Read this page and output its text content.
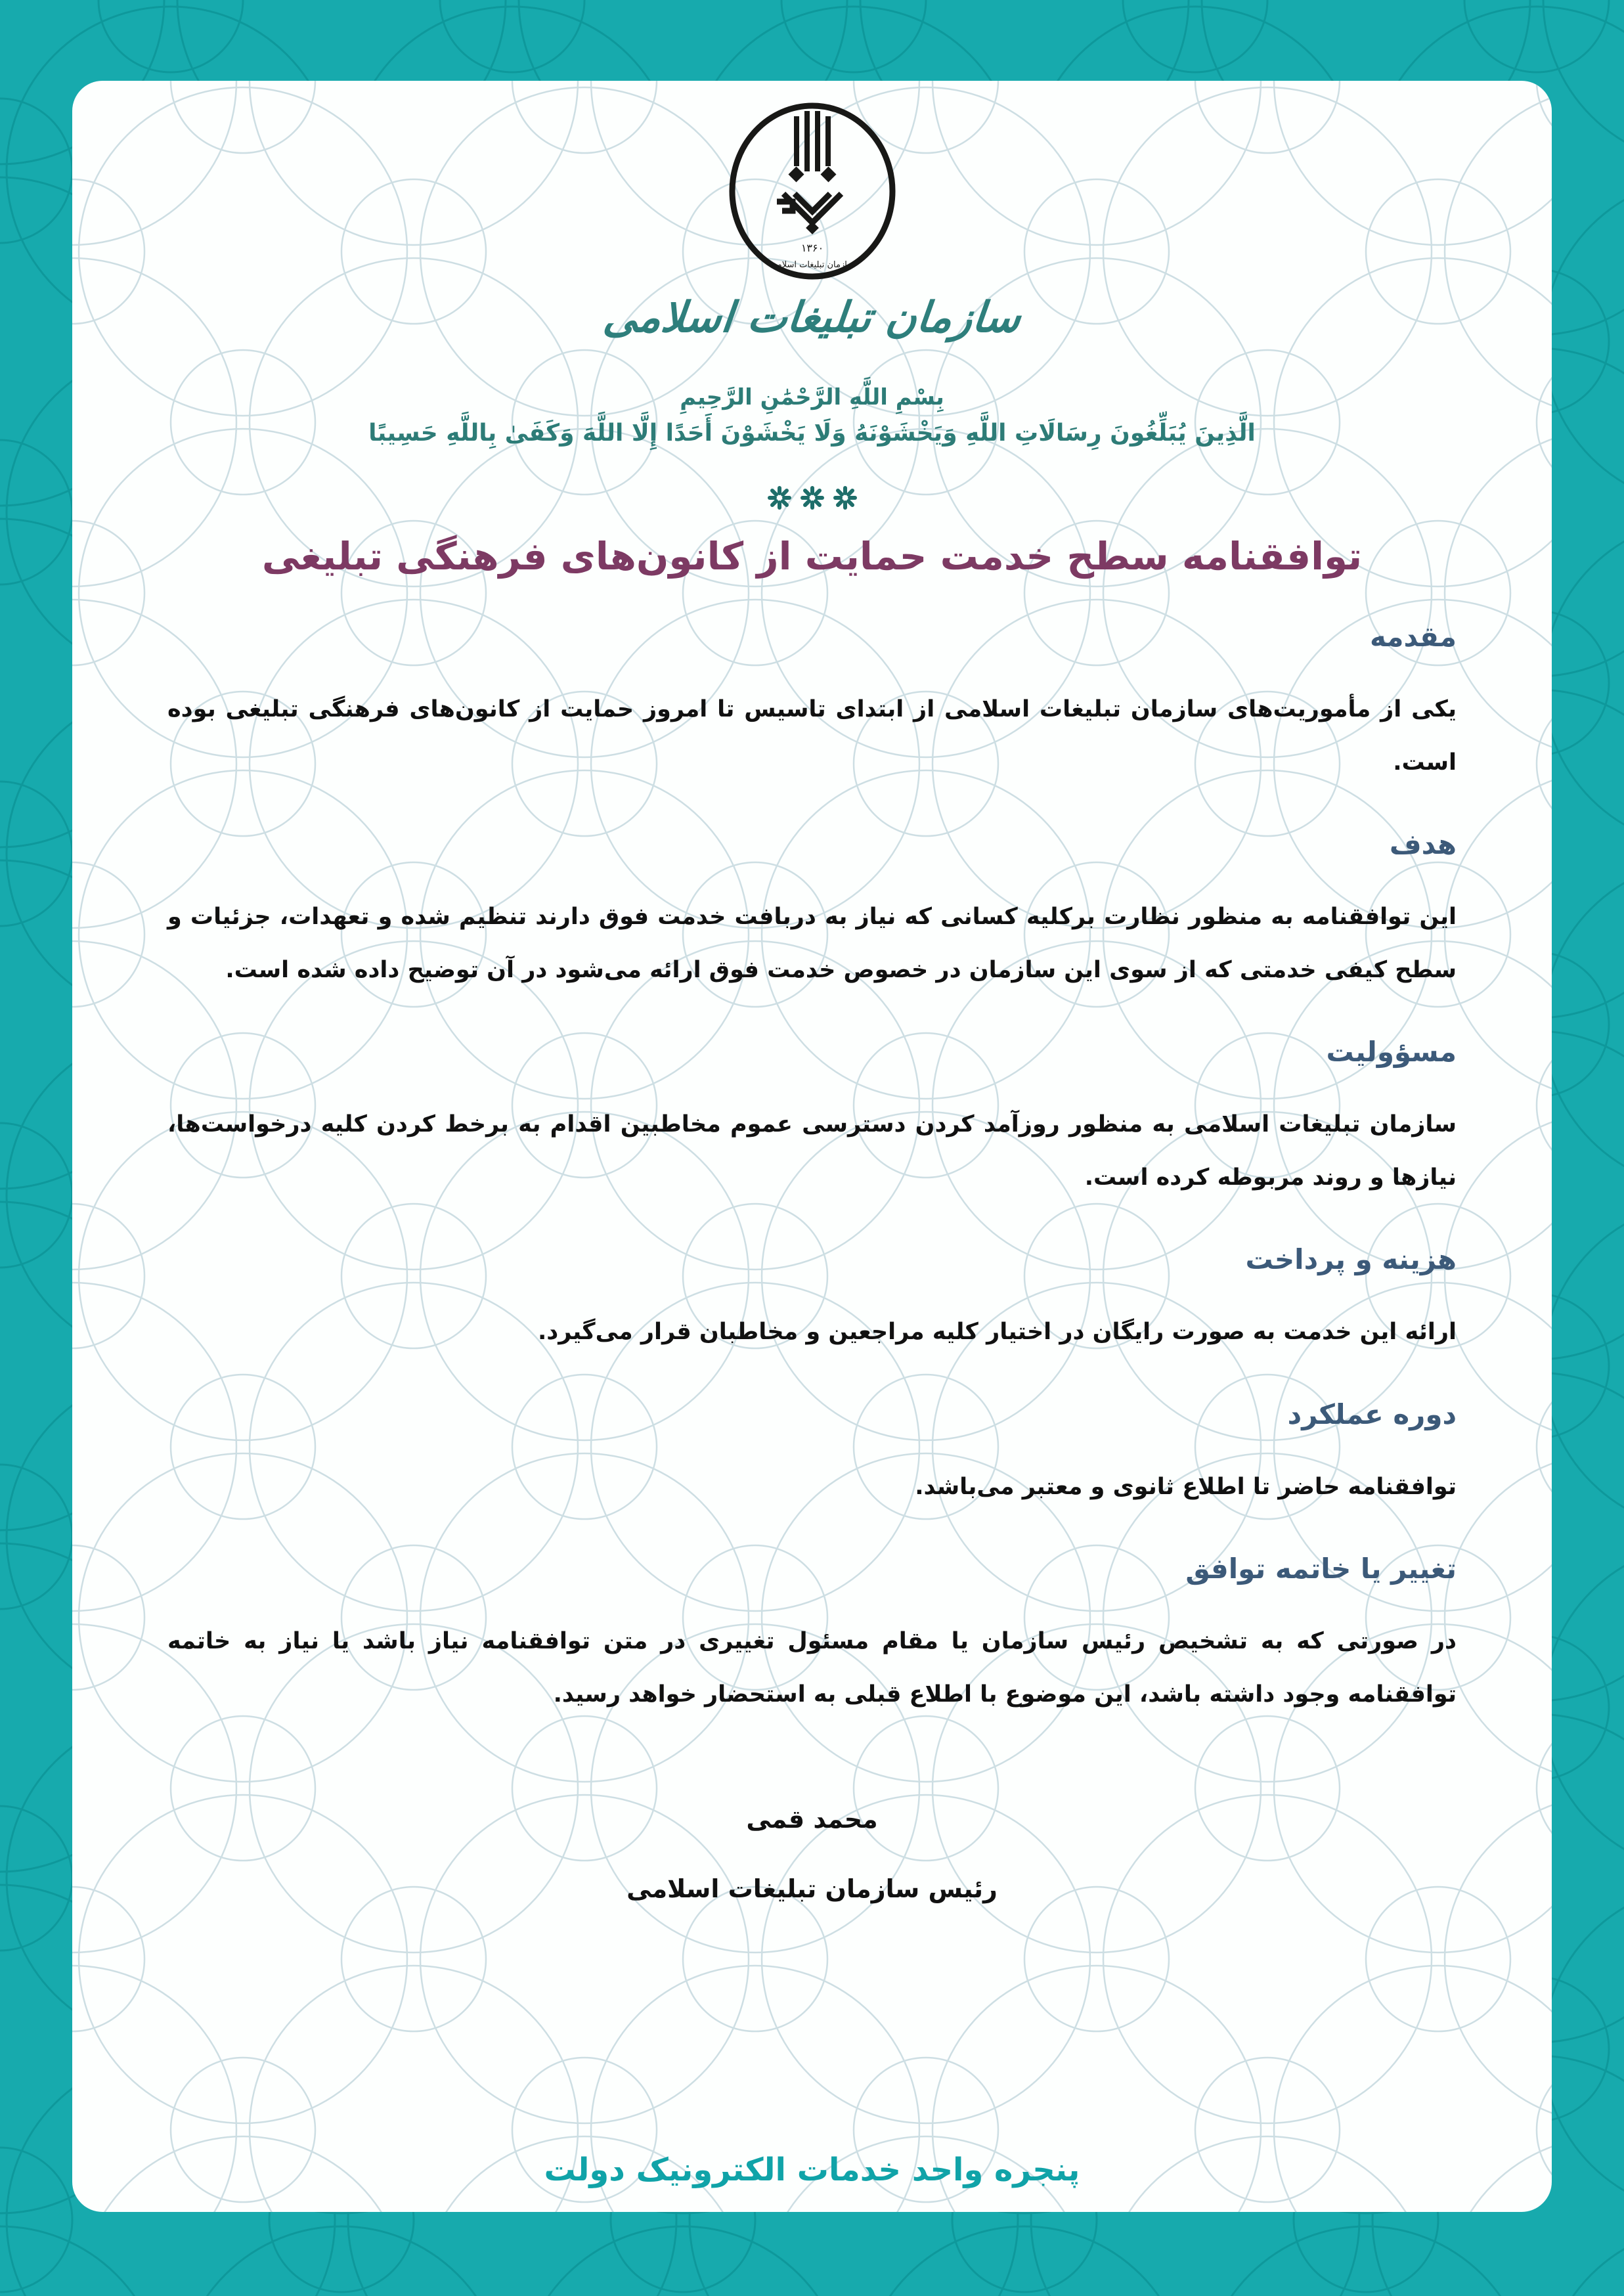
۱۳۶۰
سازمان تبلیغات اسلامی
سازمان تبلیغات اسلامی
بِسْمِ اللَّهِ الرَّحْمَٰنِ الرَّحِيمِ
الَّذِينَ يُبَلِّغُونَ رِسَالَاتِ اللَّهِ وَيَخْشَوْنَهُ وَلَا يَخْشَوْنَ أَحَدًا إِلَّا اللَّهَ وَكَفَىٰ بِاللَّهِ حَسِيبًا
توافقنامه سطح خدمت حمایت از کانون‌های فرهنگی تبلیغی
مقدمه

یکی از مأموریت‌های سازمان تبلیغات اسلامی از ابتدای تاسیس تا امروز حمایت از کانون‌های فرهنگی تبلیغی بوده است.

هدف

این توافقنامه به منظور نظارت برکلیه کسانی که نیاز به دربافت خدمت فوق دارند تنظیم شده و تعهدات، جزئیات و سطح کیفی خدمتی که از سوی این سازمان در خصوص خدمت فوق ارائه می‌شود در آن توضیح داده شده است.

مسؤولیت

سازمان تبلیغات اسلامی به منظور روزآمد کردن دسترسی عموم مخاطبین اقدام به برخط کردن کلیه درخواست‌ها، نیازها و روند مربوطه کرده است.

هزینه و پرداخت

ارائه این خدمت به صورت رایگان در اختیار کلیه مراجعین و مخاطبان قرار می‌گیرد.

دوره عملکرد

توافقنامه حاضر تا اطلاع ثانوی و معتبر می‌باشد.

تغییر یا خاتمه توافق

در صورتی که به تشخیص رئیس سازمان یا مقام مسئول تغییری در متن توافقنامه نیاز باشد یا نیاز به خاتمه توافقنامه وجود داشته باشد، این موضوع با اطلاع قبلی به استحضار خواهد رسید.

محمد قمی
رئیس سازمان تبلیغات اسلامی
پنجره واحد خدمات الکترونیک دولت
